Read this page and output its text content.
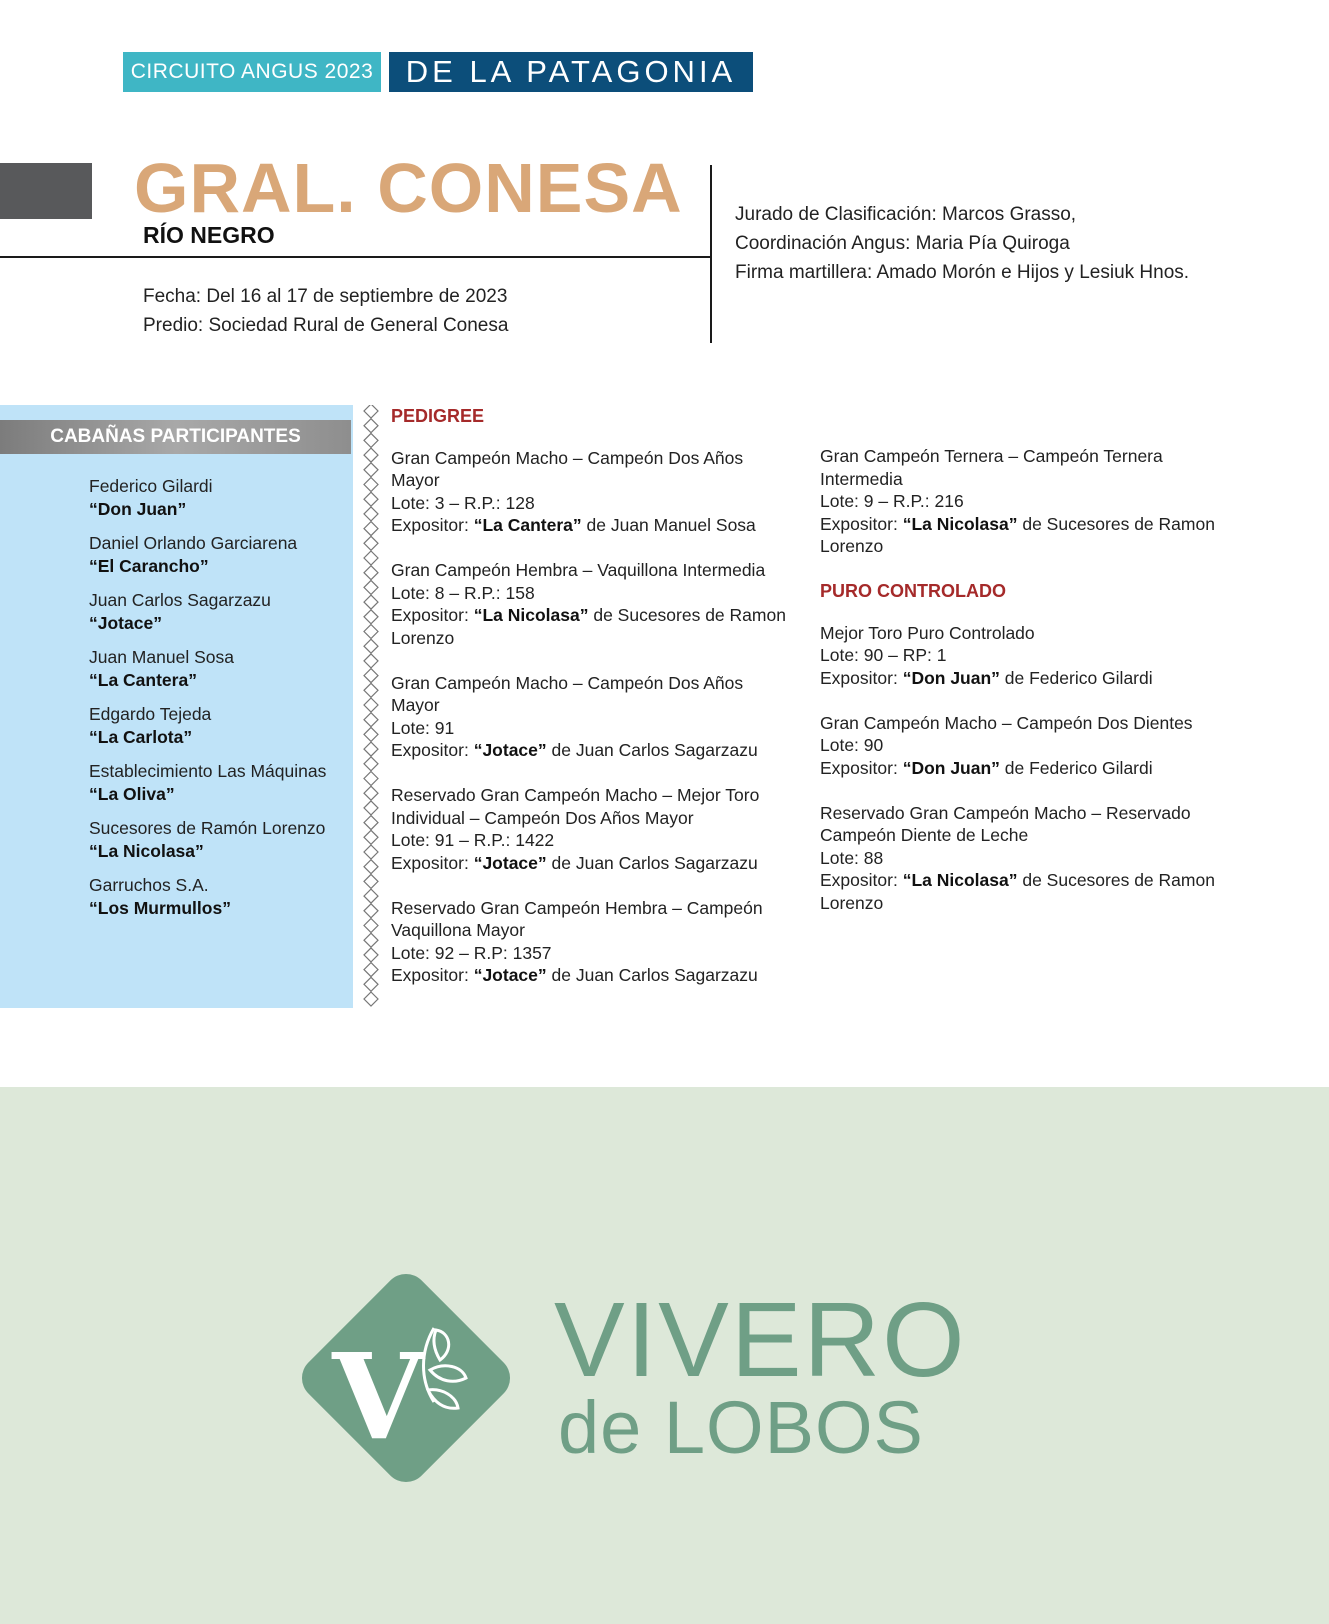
CIRCUITO ANGUS 2023	DE LA PATAGONIA
GRAL. CONESA
RÍO NEGRO
Fecha: Del 16 al 17 de septiembre de 2023
Predio: Sociedad Rural de General Conesa
Jurado de Clasificación: Marcos Grasso,
Coordinación Angus: Maria Pía Quiroga
Firma martillera: Amado Morón e Hijos y Lesiuk Hnos.
CABAÑAS PARTICIPANTES
Federico Gilardi
“Don Juan”
Daniel Orlando Garciarena
“El Carancho”
Juan Carlos Sagarzazu
“Jotace”
Juan Manuel Sosa
“La Cantera”
Edgardo Tejeda
“La Carlota”
Establecimiento Las Máquinas
“La Oliva”
Sucesores de Ramón Lorenzo
“La Nicolasa”
Garruchos S.A.
“Los Murmullos”
PEDIGREE
Gran Campeón Macho – Campeón Dos Años Mayor
Lote: 3 – R.P.: 128
Expositor: “La Cantera” de Juan Manuel Sosa
Gran Campeón Hembra – Vaquillona Intermedia
Lote: 8 – R.P.: 158
Expositor: “La Nicolasa” de Sucesores de Ramon Lorenzo
Gran Campeón Macho – Campeón Dos Años Mayor
Lote: 91
Expositor: “Jotace” de Juan Carlos Sagarzazu
Reservado Gran Campeón Macho – Mejor Toro Individual – Campeón Dos Años Mayor
Lote: 91 – R.P.: 1422
Expositor: “Jotace” de Juan Carlos Sagarzazu
Reservado Gran Campeón Hembra – Campeón Vaquillona Mayor
Lote: 92 – R.P: 1357
Expositor: “Jotace” de Juan Carlos Sagarzazu
Gran Campeón Ternera – Campeón Ternera Intermedia
Lote: 9 – R.P.: 216
Expositor: “La Nicolasa” de Sucesores de Ramon Lorenzo
PURO CONTROLADO
Mejor Toro Puro Controlado
Lote: 90 – RP: 1
Expositor: “Don Juan” de Federico Gilardi
Gran Campeón Macho – Campeón Dos Dientes
Lote: 90
Expositor: “Don Juan” de Federico Gilardi
Reservado Gran Campeón Macho – Reservado Campeón Diente de Leche
Lote: 88
Expositor: “La Nicolasa” de Sucesores de Ramon Lorenzo
V VIVERO
de LOBOS
